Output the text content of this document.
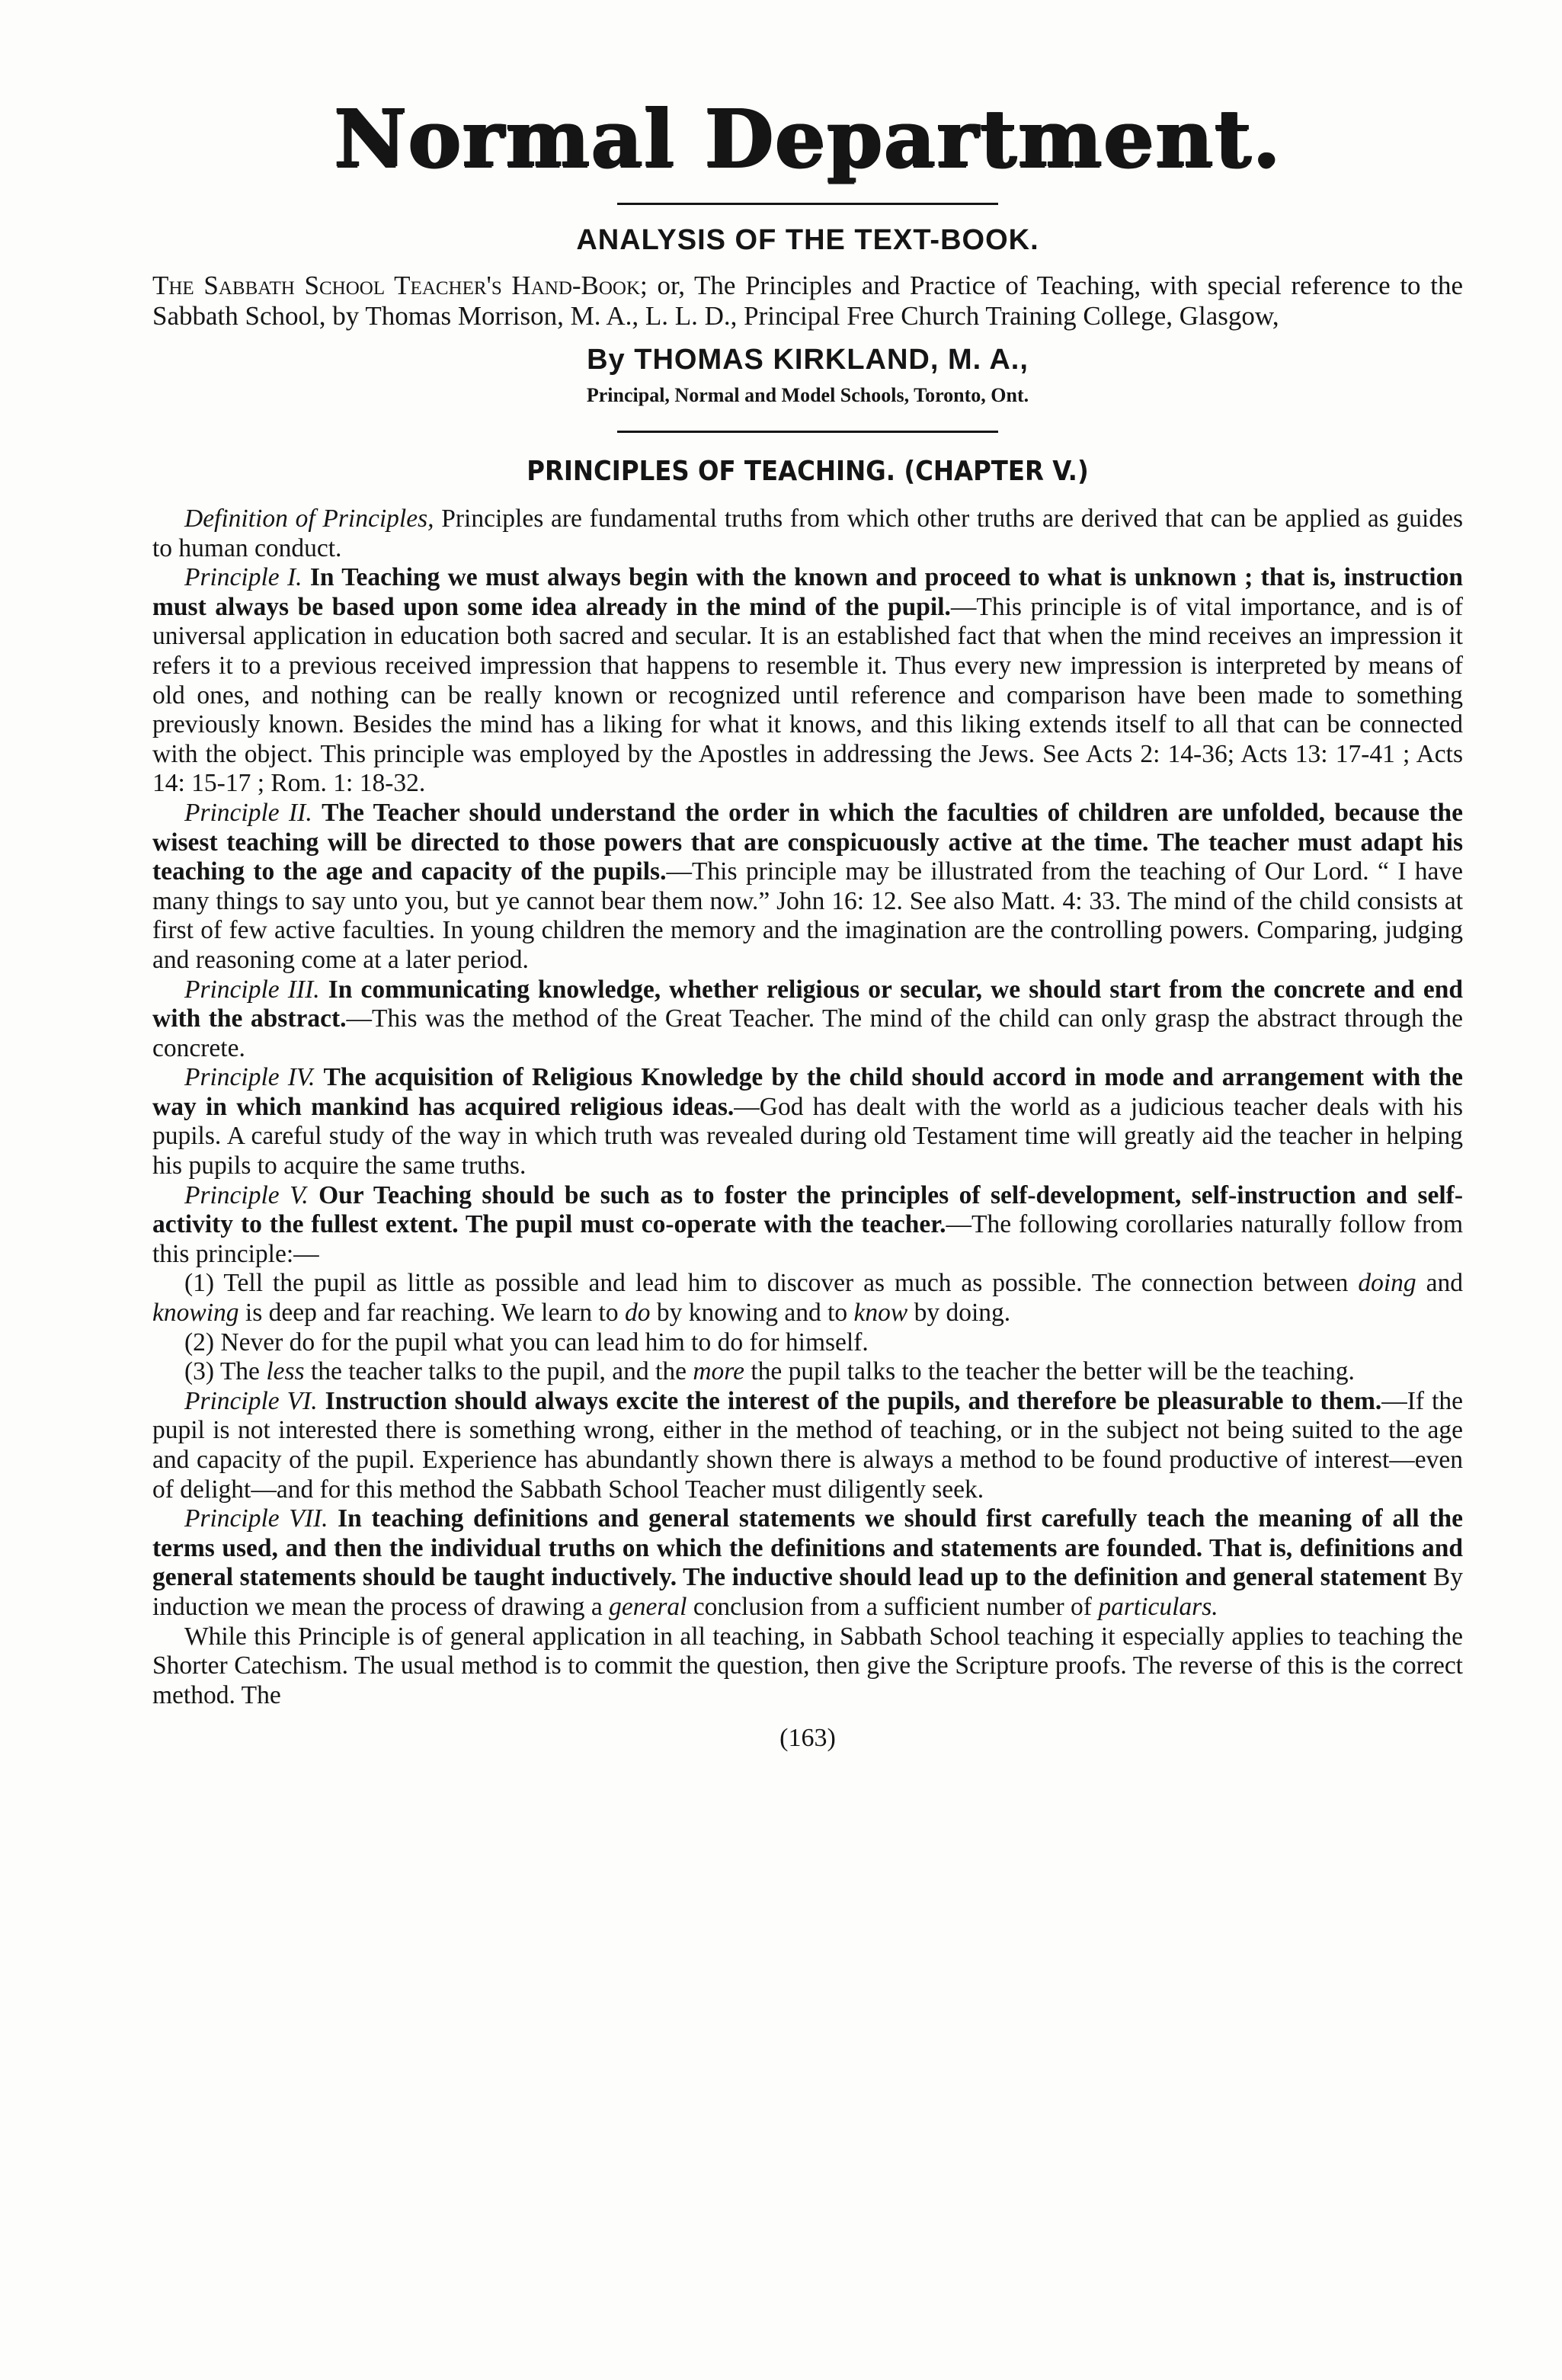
Normal Department.
ANALYSIS OF THE TEXT-BOOK.
The Sabbath School Teacher's Hand-Book; or, The Principles and Practice of Teaching, with special reference to the Sabbath School, by Thomas Morrison, M. A., L. L. D., Principal Free Church Training College, Glasgow,
By THOMAS KIRKLAND, M. A.,
Principal, Normal and Model Schools, Toronto, Ont.
PRINCIPLES OF TEACHING. (CHAPTER V.)

Definition of Principles, Principles are fundamental truths from which other truths are derived that can be applied as guides to human conduct.

Principle I. In Teaching we must always begin with the known and proceed to what is unknown ; that is, instruction must always be based upon some idea already in the mind of the pupil.—This principle is of vital importance, and is of universal application in education both sacred and secular. It is an established fact that when the mind receives an impression it refers it to a previous received impression that happens to resemble it. Thus every new impression is interpreted by means of old ones, and nothing can be really known or recognized until reference and comparison have been made to something previously known. Besides the mind has a liking for what it knows, and this liking extends itself to all that can be connected with the object. This principle was employed by the Apostles in addressing the Jews. See Acts 2: 14-36; Acts 13: 17-41 ; Acts 14: 15-17 ; Rom. 1: 18-32.

Principle II. The Teacher should understand the order in which the faculties of children are unfolded, because the wisest teaching will be directed to those powers that are conspicuously active at the time. The teacher must adapt his teaching to the age and capacity of the pupils.—This principle may be illustrated from the teaching of Our Lord. “ I have many things to say unto you, but ye cannot bear them now.” John 16: 12. See also Matt. 4: 33. The mind of the child consists at first of few active faculties. In young children the memory and the imagination are the controlling powers. Comparing, judging and reasoning come at a later period.

Principle III. In communicating knowledge, whether religious or secular, we should start from the concrete and end with the abstract.—This was the method of the Great Teacher. The mind of the child can only grasp the abstract through the concrete.

Principle IV. The acquisition of Religious Knowledge by the child should accord in mode and arrangement with the way in which mankind has acquired religious ideas.—God has dealt with the world as a judicious teacher deals with his pupils. A careful study of the way in which truth was revealed during old Testament time will greatly aid the teacher in helping his pupils to acquire the same truths.

Principle V. Our Teaching should be such as to foster the principles of self-development, self-instruction and self-activity to the fullest extent. The pupil must co-operate with the teacher.—The following corollaries naturally follow from this principle:—

(1) Tell the pupil as little as possible and lead him to discover as much as possible. The connection between doing and knowing is deep and far reaching. We learn to do by knowing and to know by doing.

(2) Never do for the pupil what you can lead him to do for himself.

(3) The less the teacher talks to the pupil, and the more the pupil talks to the teacher the better will be the teaching.

Principle VI. Instruction should always excite the interest of the pupils, and therefore be pleasurable to them.—If the pupil is not interested there is something wrong, either in the method of teaching, or in the subject not being suited to the age and capacity of the pupil. Experience has abundantly shown there is always a method to be found productive of interest—even of delight—and for this method the Sabbath School Teacher must diligently seek.

Principle VII. In teaching definitions and general statements we should first carefully teach the meaning of all the terms used, and then the individual truths on which the definitions and statements are founded. That is, definitions and general statements should be taught inductively. The inductive should lead up to the definition and general statement By induction we mean the process of drawing a general conclusion from a sufficient number of particulars.

While this Principle is of general application in all teaching, in Sabbath School teaching it especially applies to teaching the Shorter Catechism. The usual method is to commit the question, then give the Scripture proofs. The reverse of this is the correct method. The

(163)
